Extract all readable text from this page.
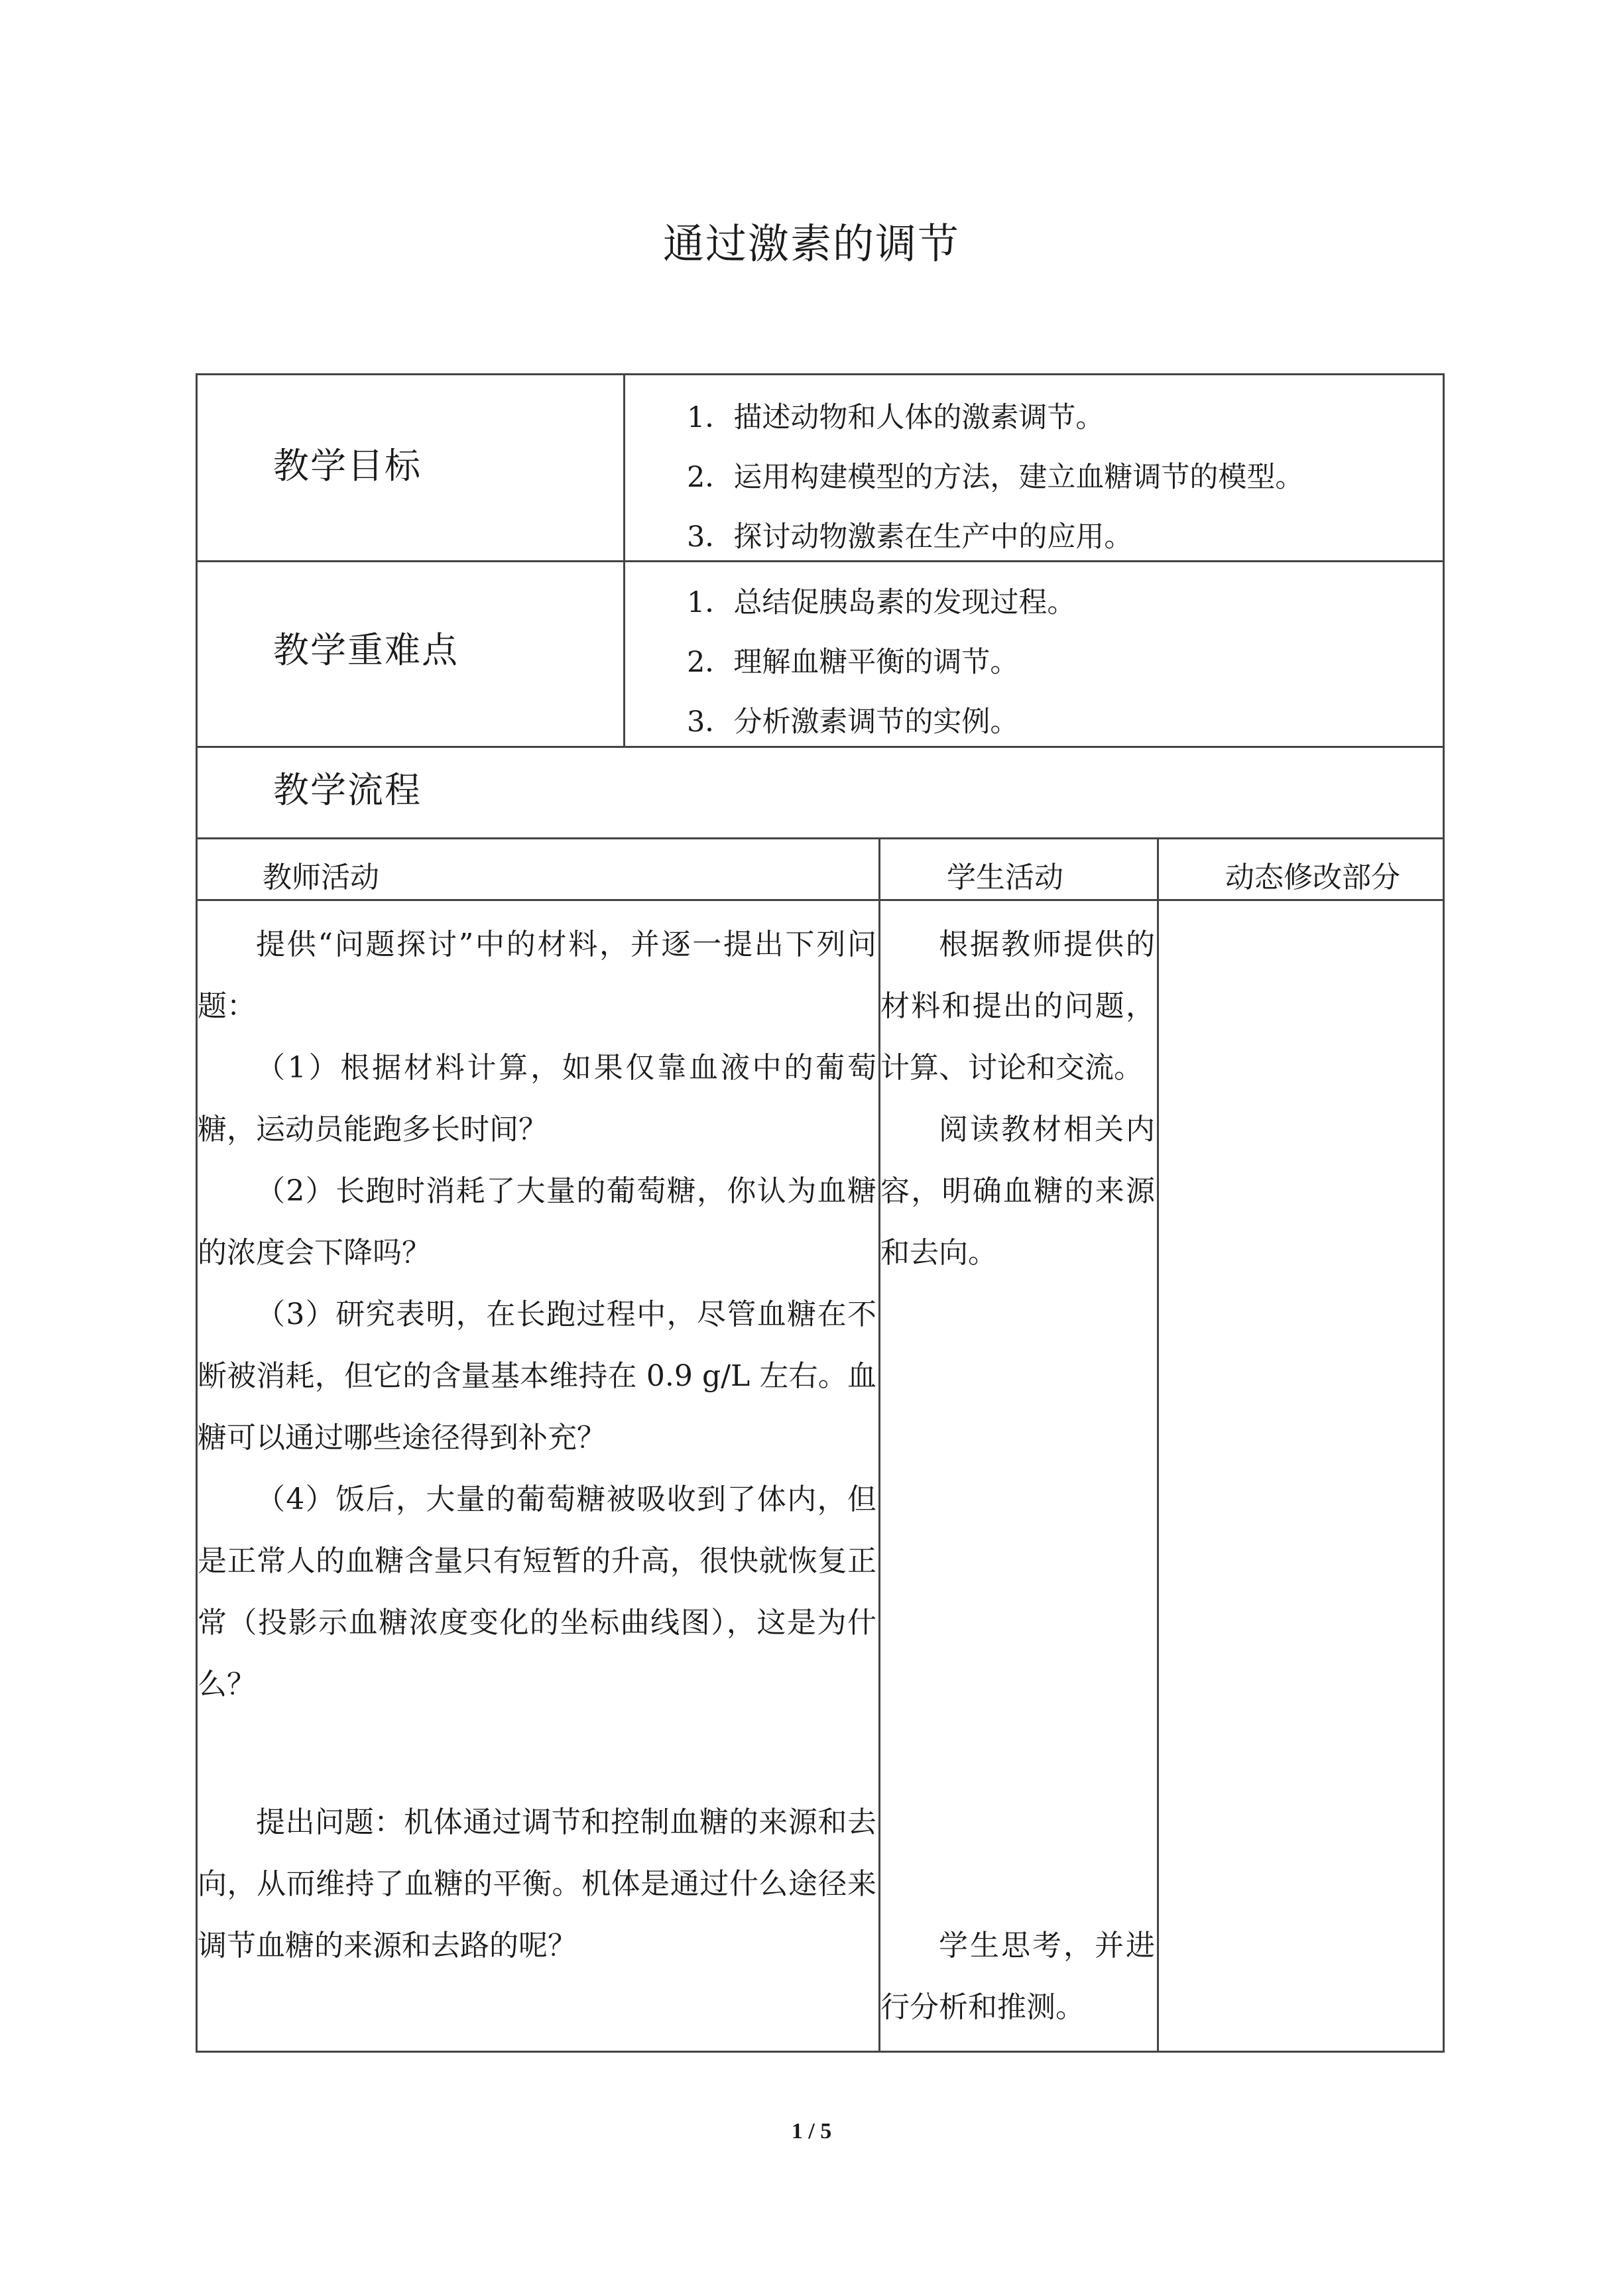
通过激素的调节
教学目标
1．描述动物和人体的激素调节。
2．运用构建模型的方法，建立血糖调节的模型。
3．探讨动物激素在生产中的应用。
教学重难点
1．总结促胰岛素的发现过程。
2．理解血糖平衡的调节。
3．分析激素调节的实例。
教学流程
教师活动	学生活动	动态修改部分

提供“问题探讨”中的材料，并逐一提出下列问题：

（1）根据材料计算，如果仅靠血液中的葡萄糖，运动员能跑多长时间？

（2）长跑时消耗了大量的葡萄糖，你认为血糖的浓度会下降吗？

（3）研究表明，在长跑过程中，尽管血糖在不断被消耗，但它的含量基本维持在 0.9 g/L 左右。血糖可以通过哪些途径得到补充？

（4）饭后，大量的葡萄糖被吸收到了体内，但是正常人的血糖含量只有短暂的升高，很快就恢复正常（投影示血糖浓度变化的坐标曲线图），这是为什么？

提出问题：机体通过调节和控制血糖的来源和去向，从而维持了血糖的平衡。机体是通过什么途径来调节血糖的来源和去路的呢？

根据教师提供的材料和提出的问题，计算、讨论和交流。

阅读教材相关内容，明确血糖的来源和去向。

学生思考，并进行分析和推测。

1 / 5
